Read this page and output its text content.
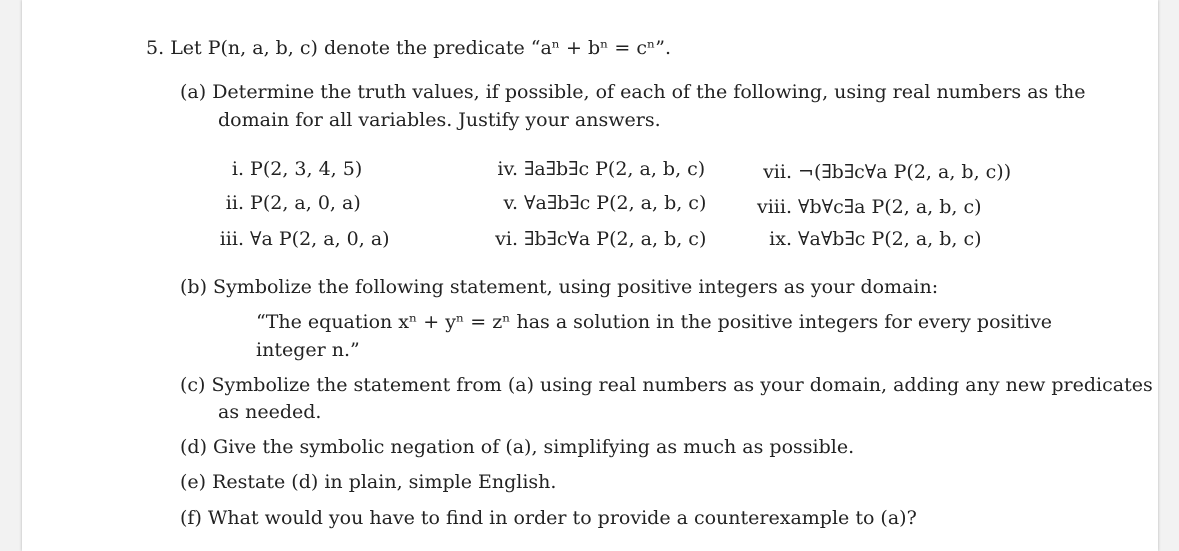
5. Let P(n, a, b, c) denote the predicate “aⁿ + bⁿ = cⁿ”.
(a) Determine the truth values, if possible, of each of the following, using real numbers as the
domain for all variables. Justify your answers.
i. P(2, 3, 4, 5)
ii. P(2, a, 0, a)
iii. ∀a P(2, a, 0, a)
iv. ∃a∃b∃c P(2, a, b, c)
v. ∀a∃b∃c P(2, a, b, c)
vi. ∃b∃c∀a P(2, a, b, c)
vii. ¬(∃b∃c∀a P(2, a, b, c))
viii. ∀b∀c∃a P(2, a, b, c)
ix. ∀a∀b∃c P(2, a, b, c)
(b) Symbolize the following statement, using positive integers as your domain:
“The equation xⁿ + yⁿ = zⁿ has a solution in the positive integers for every positive
integer n.”
(c) Symbolize the statement from (a) using real numbers as your domain, adding any new predicates
as needed.
(d) Give the symbolic negation of (a), simplifying as much as possible.
(e) Restate (d) in plain, simple English.
(f) What would you have to find in order to provide a counterexample to (a)?
